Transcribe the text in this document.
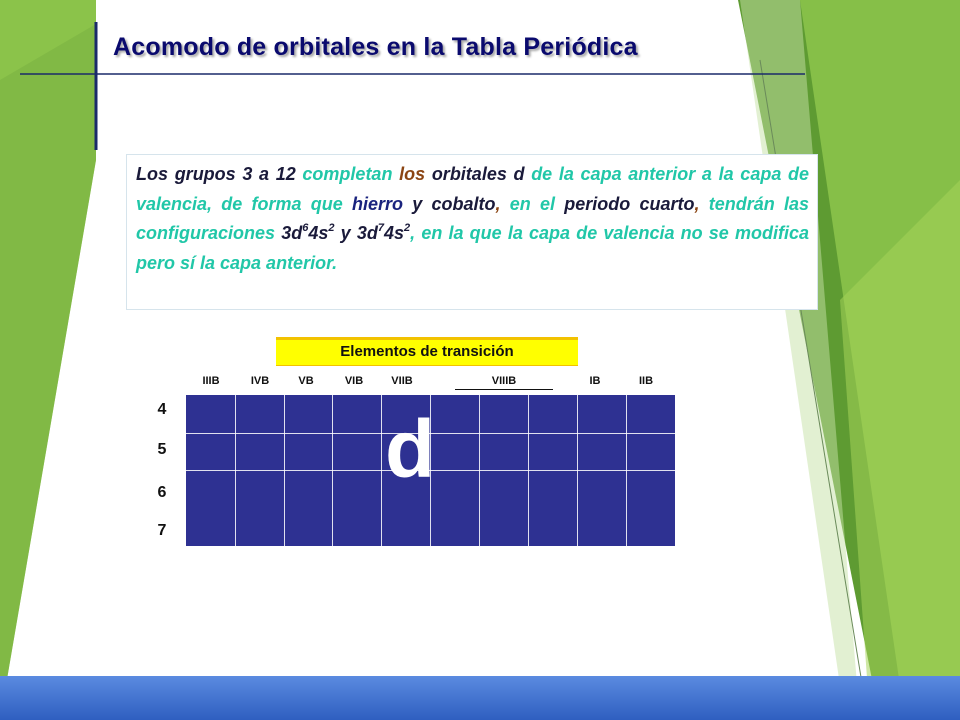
Acomodo de orbitales en la Tabla Periódica
Los grupos 3 a 12 completan los orbitales d de la capa anterior a la capa de valencia, de forma que hierro y cobalto, en el periodo cuarto, tendrán las configuraciones $3d^64s^2$ y $3d^74s^2$, en la que la capa de valencia no se modifica pero sí la capa anterior.
Elementos de transición
IIIB	IVB	VB	VIB	VIIB	VIIIB	IB	IIB
4
5
6
7
d
